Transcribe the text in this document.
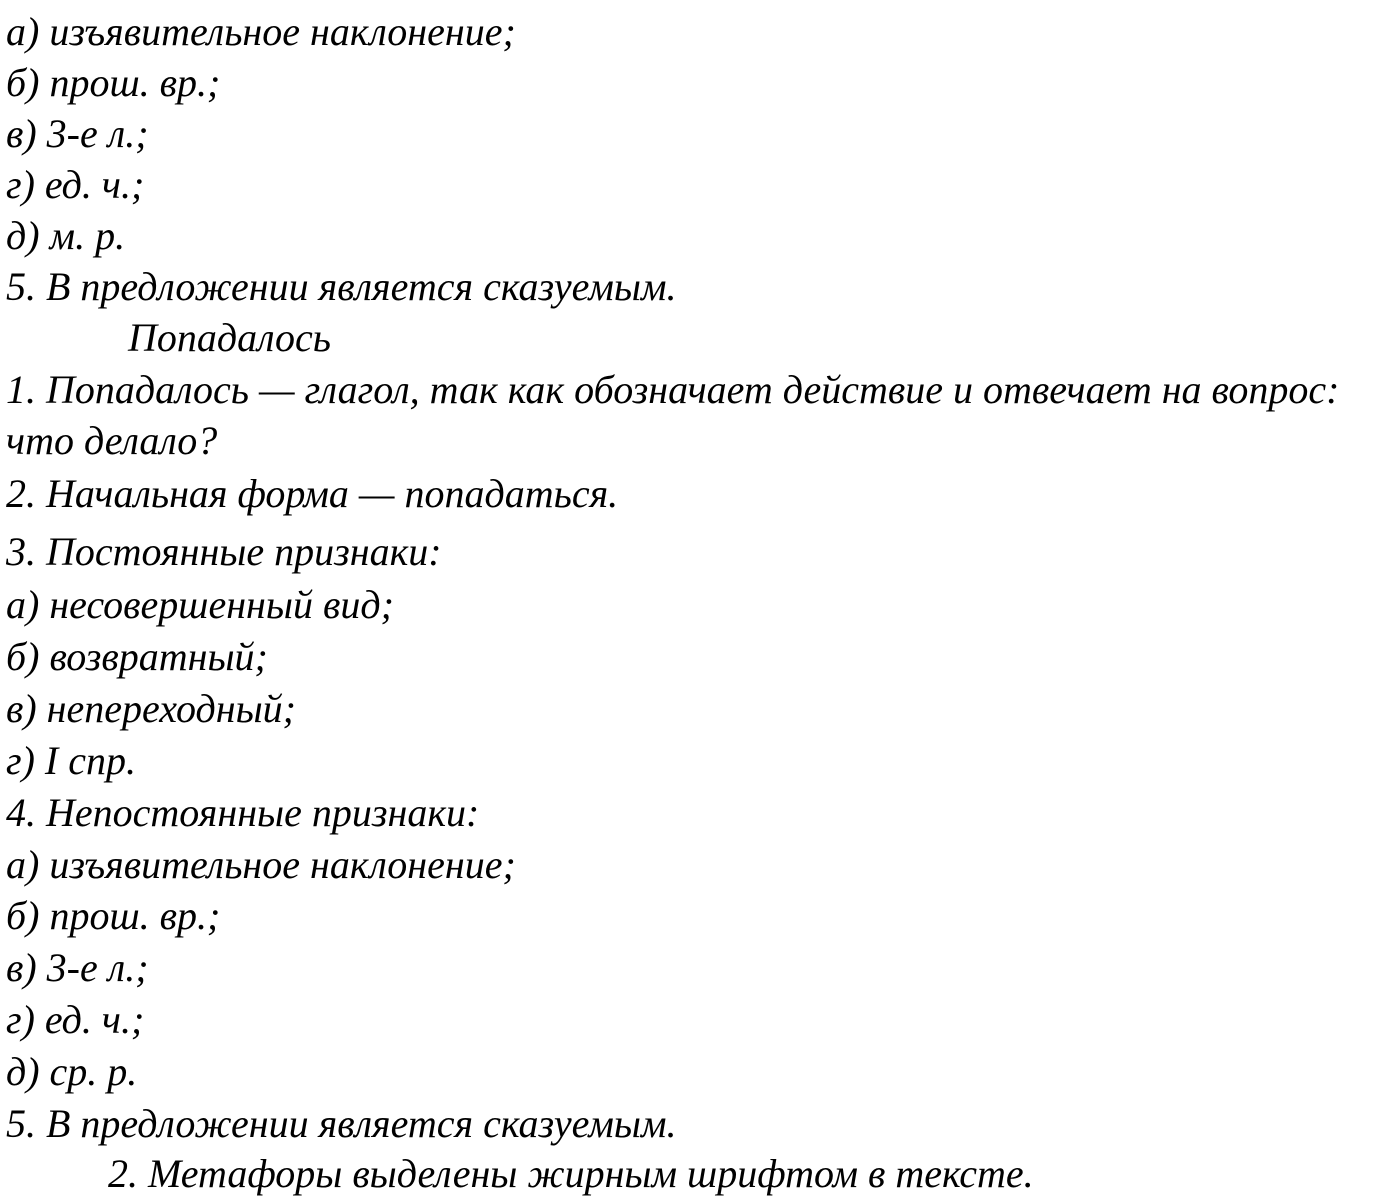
а) изъявительное наклонение;

б) прош. вр.;

в) 3-е л.;

г) ед. ч.;

д) м. р.

5. В предложении является сказуемым.

Попадалось

1. Попадалось — глагол, так как обозначает действие и отвечает на вопрос:

что делало?

2. Начальная форма — попадаться.

3. Постоянные признаки:

а) несовершенный вид;

б) возвратный;

в) непереходный;

г) I спр.

4. Непостоянные признаки:

а) изъявительное наклонение;

б) прош. вр.;

в) 3-е л.;

г) ед. ч.;

д) ср. р.

5. В предложении является сказуемым.

2. Метафоры выделены жирным шрифтом в тексте.
